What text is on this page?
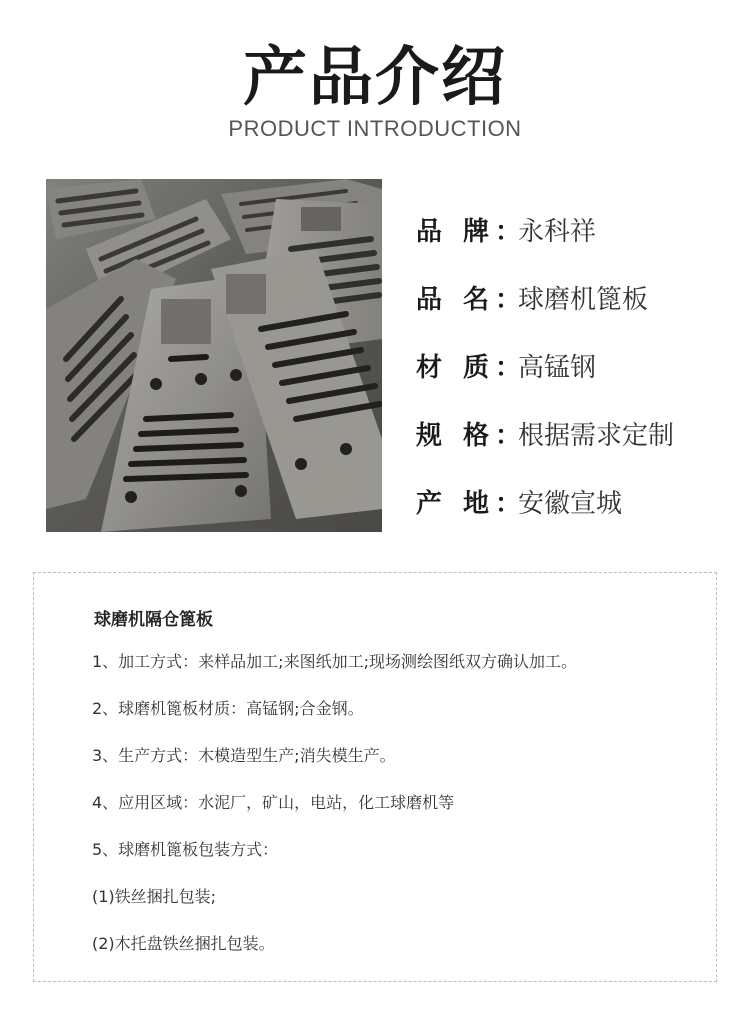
产品介绍
PRODUCT INTRODUCTION
品 牌：
永科祥
品 名：
球磨机篦板
材 质：
高锰钢
规 格：
根据需求定制
产 地：
安徽宣城
球磨机隔仓篦板
1、加工方式：来样品加工;来图纸加工;现场测绘图纸双方确认加工。
2、球磨机篦板材质：高锰钢;合金钢。
3、生产方式：木模造型生产;消失模生产。
4、应用区域：水泥厂，矿山，电站，化工球磨机等
5、球磨机篦板包装方式：
(1)铁丝捆扎包装;
(2)木托盘铁丝捆扎包装。
